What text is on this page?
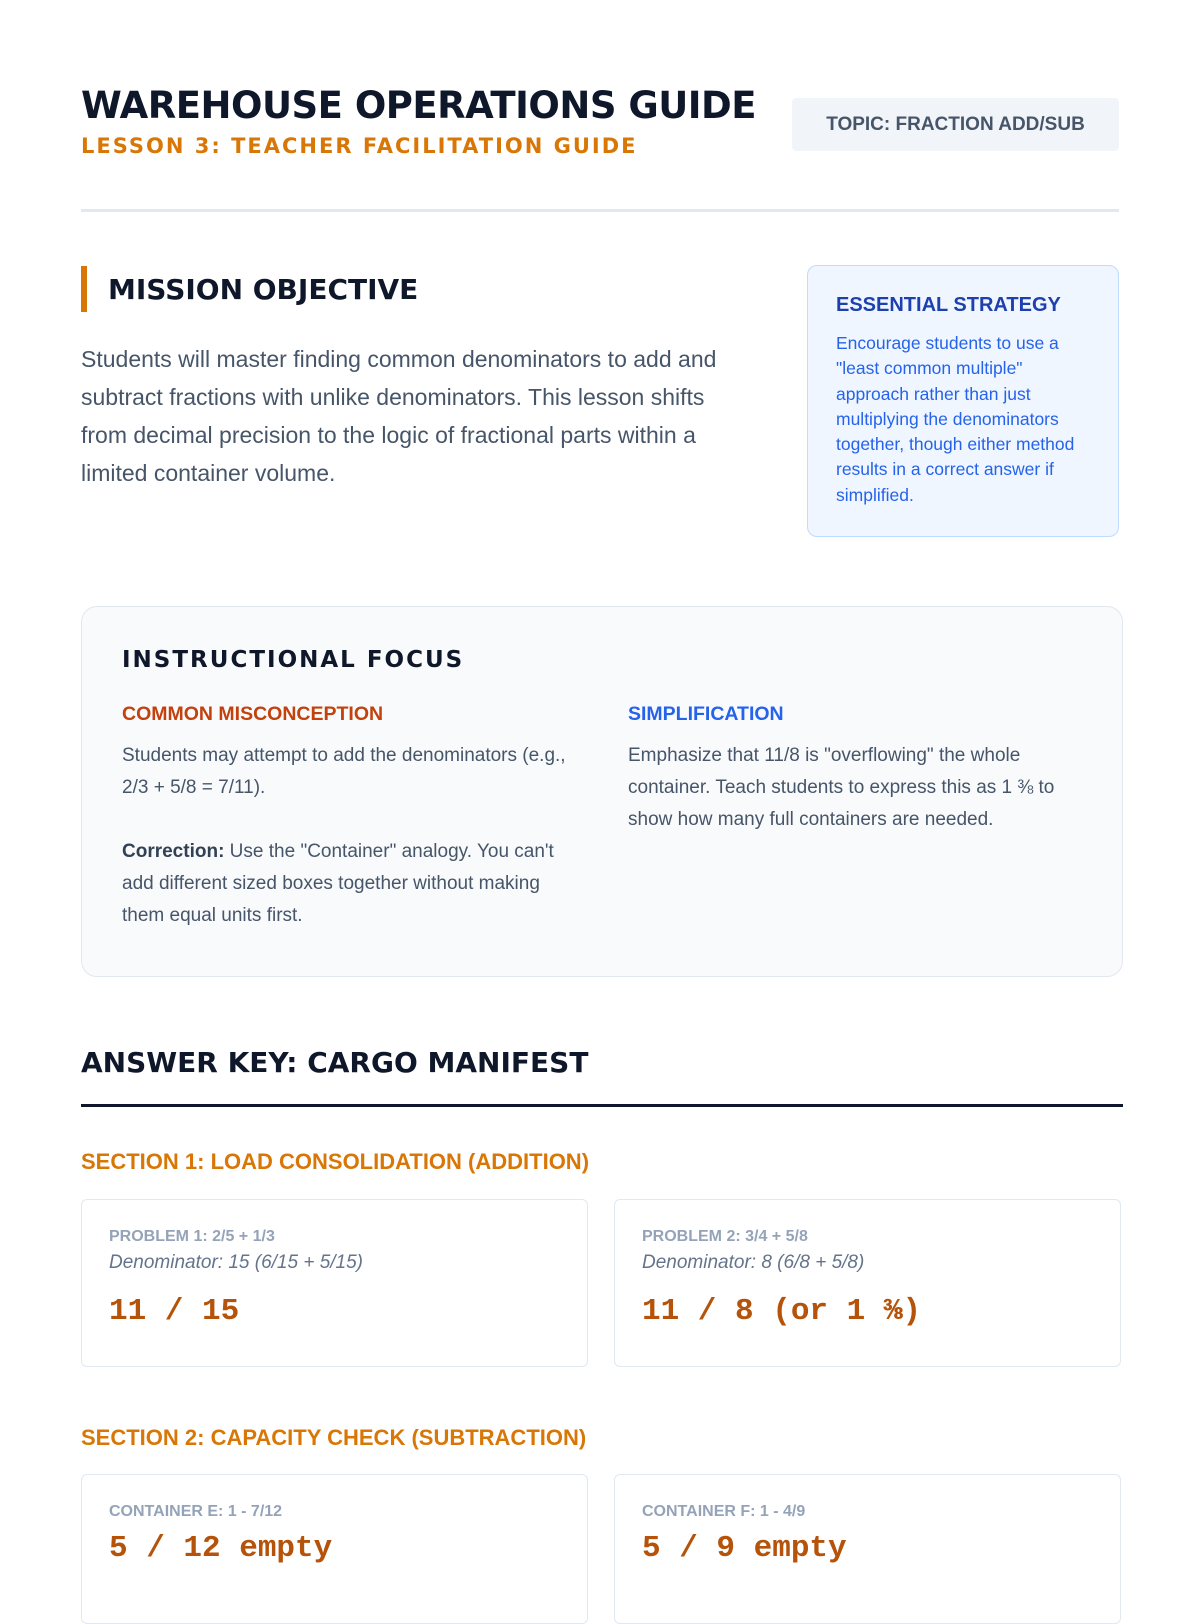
WAREHOUSE OPERATIONS GUIDE
LESSON 3: TEACHER FACILITATION GUIDE
TOPIC: FRACTION ADD/SUB
MISSION OBJECTIVE

Students will master finding common denominators to add and subtract fractions with unlike denominators. This lesson shifts from decimal precision to the logic of fractional parts within a limited container volume.

ESSENTIAL STRATEGY
Encourage students to use a "least common multiple" approach rather than just multiplying the denominators together, though either method results in a correct answer if simplified.
INSTRUCTIONAL FOCUS
COMMON MISCONCEPTION

Students may attempt to add the denominators (e.g., 2/3 + 5/8 = 7/11).

Correction: Use the "Container" analogy. You can't add different sized boxes together without making them equal units first.

SIMPLIFICATION

Emphasize that 11/8 is "overflowing" the whole container. Teach students to express this as 1 ⅜ to show how many full containers are needed.

ANSWER KEY: CARGO MANIFEST
SECTION 1: LOAD CONSOLIDATION (ADDITION)
PROBLEM 1: 2/5 + 1/3
Denominator: 15 (6/15 + 5/15)
11 / 15
PROBLEM 2: 3/4 + 5/8
Denominator: 8 (6/8 + 5/8)
11 / 8 (or 1 ⅜)
SECTION 2: CAPACITY CHECK (SUBTRACTION)
CONTAINER E: 1 - 7/12
5 / 12 empty
CONTAINER F: 1 - 4/9
5 / 9 empty
